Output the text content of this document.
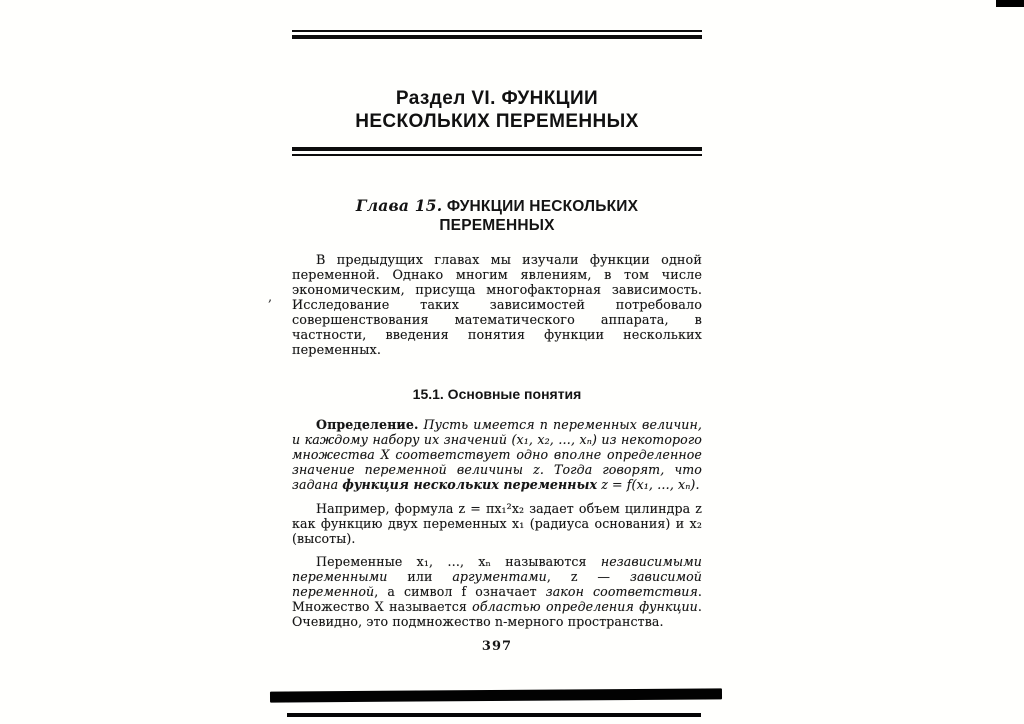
,
Раздел VI. ФУНКЦИИ
НЕСКОЛЬКИХ ПЕРЕМЕННЫХ
Глава 15. ФУНКЦИИ НЕСКОЛЬКИХ
ПЕРЕМЕННЫХ

В предыдущих главах мы изучали функции одной переменной. Однако многим явлениям, в том числе экономическим, присуща многофакторная зависимость. Исследование таких зависимостей потребовало совершенствования математического аппарата, в частности, введения понятия функции нескольких переменных.

15.1. Основные понятия

Определение. Пусть имеется n переменных величин, и каждому набору их значений (x₁, x₂, …, xₙ) из некоторого множества X соответствует одно вполне определенное значение переменной величины z. Тогда говорят, что задана функция нескольких переменных z = f(x₁, …, xₙ).

Например, формула z = πx₁²x₂ задает объем цилиндра z как функцию двух переменных x₁ (радиуса основания) и x₂ (высоты).

Переменные x₁, …, xₙ называются независимыми переменными или аргументами, z — зависимой переменной, а символ f означает закон соответствия. Множество X называется областью определения функции. Очевидно, это подмножество n-мерного пространства.

397
